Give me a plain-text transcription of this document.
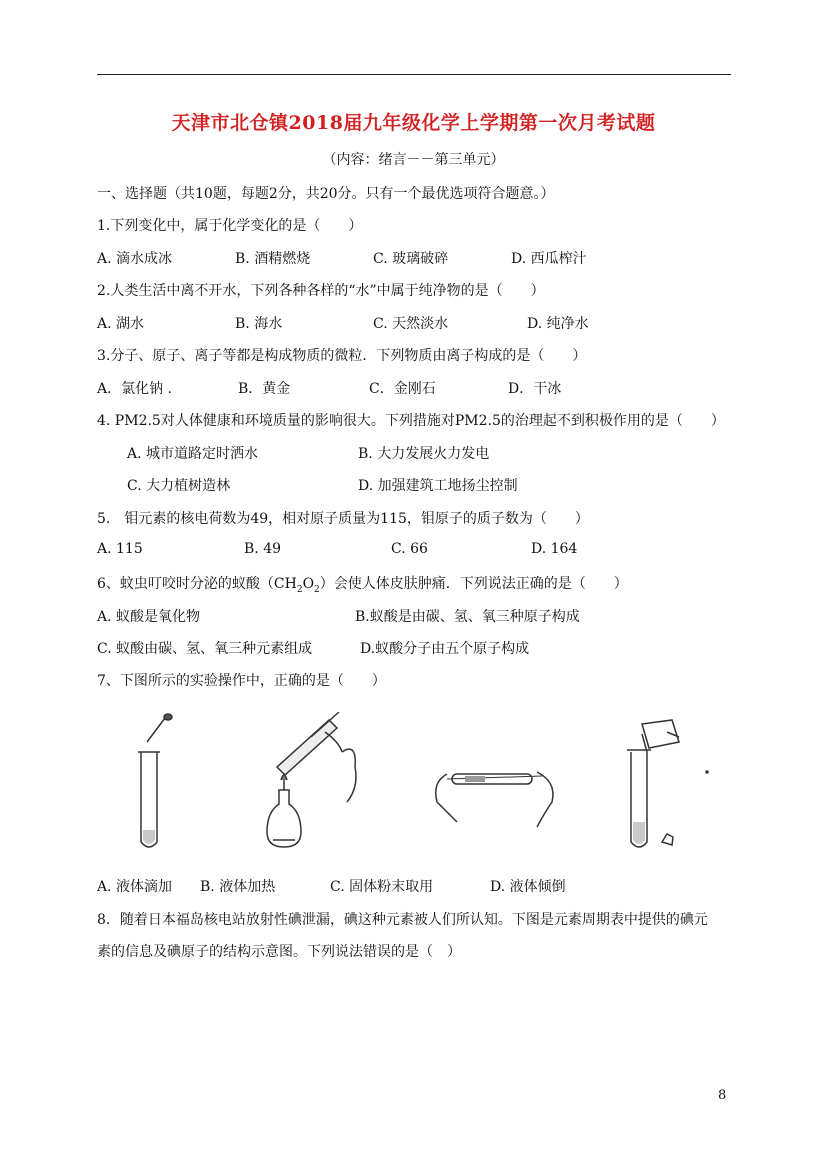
天津市北仓镇2018届九年级化学上学期第一次月考试题
（内容：绪言－－第三单元）
一、选择题（共10题，每题2分，共20分。只有一个最优选项符合题意。）
1.下列变化中，属于化学变化的是（　　）
A. 滴水成冰	B. 酒精燃烧	C. 玻璃破碎	D. 西瓜榨汁
2.人类生活中离不开水，下列各种各样的“水”中属于纯净物的是（　　）
A. 湖水	B. 海水	C. 天然淡水	D. 纯净水
3.分子、原子、离子等都是构成物质的微粒．下列物质由离子构成的是（　　）
A．氯化钠 .	B．黄金	C．金刚石	D．干冰
4. PM2.5对人体健康和环境质量的影响很大。下列措施对PM2.5的治理起不到积极作用的是（　　）
A. 城市道路定时洒水	B. 大力发展火力发电
C. 大力植树造林	D. 加强建筑工地扬尘控制
5.　钼元素的核电荷数为49，相对原子质量为115，钼原子的质子数为（　　）
A. 115	B. 49	C. 66	D. 164
6、蚊虫叮咬时分泌的蚁酸$(CH_2O_2)$会使人体皮肤肿痛．下列说法正确的是（　　）
A. 蚁酸是氧化物	B.蚁酸是由碳、氢、氧三种原子构成
C. 蚁酸由碳、氢、氧三种元素组成	D.蚁酸分子由五个原子构成
7、下图所示的实验操作中，正确的是（　　）
A. 液体滴加 B. 液体加热	C. 固体粉末取用	D. 液体倾倒
8．随着日本福岛核电站放射性碘泄漏，碘这种元素被人们所认知。下图是元素周期表中提供的碘元
素的信息及碘原子的结构示意图。下列说法错误的是（　）
8
